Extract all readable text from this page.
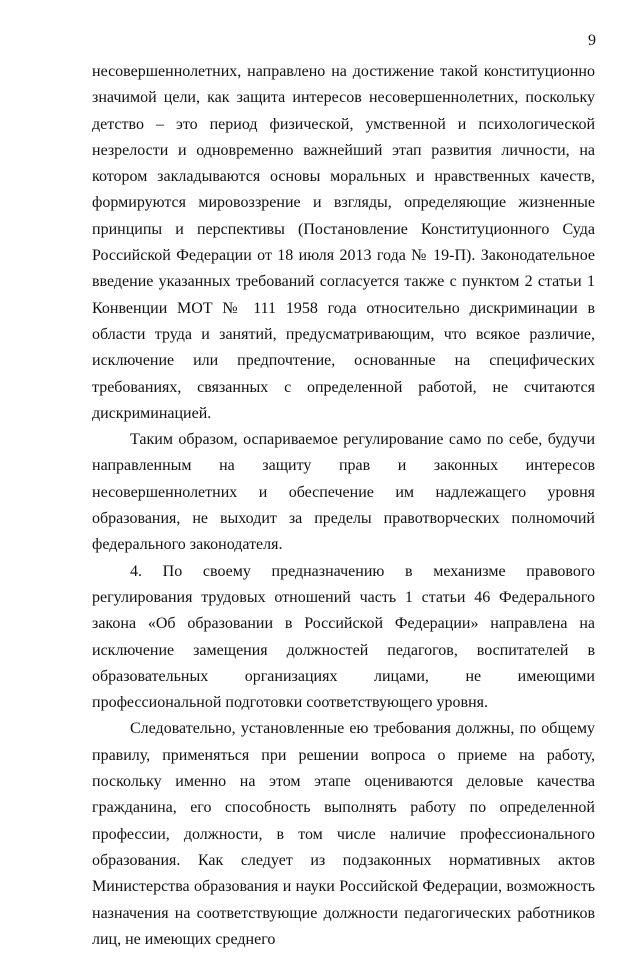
9

несовершеннолетних, направлено на достижение такой конституционно значимой цели, как защита интересов несовершеннолетних, поскольку детство – это период физической, умственной и психологической незрелости и одновременно важнейший этап развития личности, на котором закладываются основы моральных и нравственных качеств, формируются мировоззрение и взгляды, определяющие жизненные принципы и перспективы (Постановление Конституционного Суда Российской Федерации от 18 июля 2013 года № 19-П). Законодательное введение указанных требований согласуется также с пунктом 2 статьи 1 Конвенции МОТ № 111 1958 года относительно дискриминации в области труда и занятий, предусматривающим, что всякое различие, исключение или предпочтение, основанные на специфических требованиях, связанных с определенной работой, не считаются дискриминацией.

Таким образом, оспариваемое регулирование само по себе, будучи направленным на защиту прав и законных интересов несовершеннолетних и обеспечение им надлежащего уровня образования, не выходит за пределы правотворческих полномочий федерального законодателя.

4. По своему предназначению в механизме правового регулирования трудовых отношений часть 1 статьи 46 Федерального закона «Об образовании в Российской Федерации» направлена на исключение замещения должностей педагогов, воспитателей в образовательных организациях лицами, не имеющими профессиональной подготовки соответствующего уровня.

Следовательно, установленные ею требования должны, по общему правилу, применяться при решении вопроса о приеме на работу, поскольку именно на этом этапе оцениваются деловые качества гражданина, его способность выполнять работу по определенной профессии, должности, в том числе наличие профессионального образования. Как следует из подзаконных нормативных актов Министерства образования и науки Российской Федерации, возможность назначения на соответствующие должности педагогических работников лиц, не имеющих среднего
